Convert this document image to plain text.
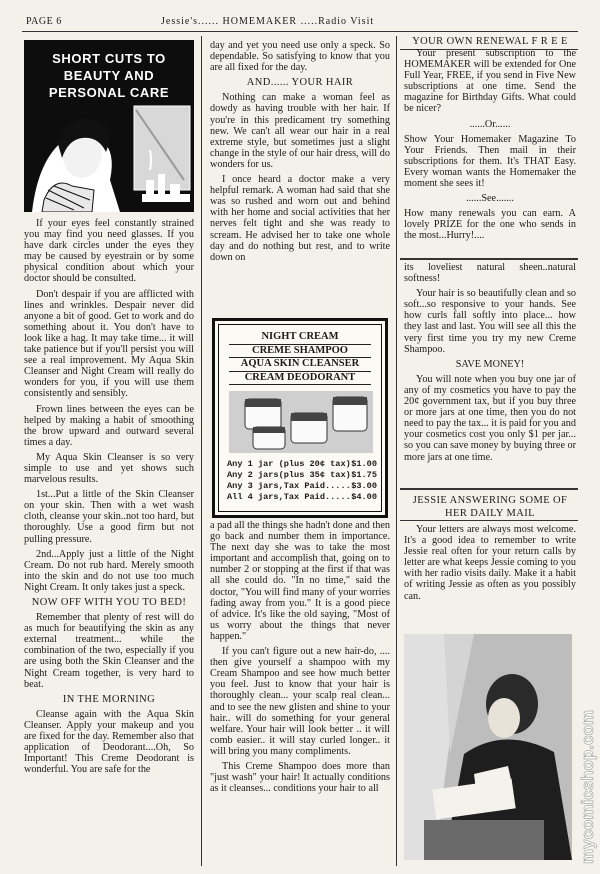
PAGE 6	Jessie's...... HOMEMAKER .....Radio Visit
SHORT CUTS TO
BEAUTY AND
PERSONAL CARE

If your eyes feel constantly strained you may find you need glasses. If you have dark circles under the eyes they may be caused by eyestrain or by some physical condition about which your doctor should be consulted.

Don't despair if you are afflicted with lines and wrinkles. Despair never did anyone a bit of good. Get to work and do something about it. You don't have to look like a hag. It may take time... it will take patience but if you'll persist you will see a real improvement. My Aqua Skin Cleanser and Night Cream will really do wonders for you, if you will use them consistently and sensibly.

Frown lines between the eyes can be helped by making a habit of smoothing the brow upward and outward several times a day.

My Aqua Skin Cleanser is so very simple to use and yet shows such marvelous results.

1st...Put a little of the Skin Cleanser on your skin. Then with a wet wash cloth, cleanse your skin..not too hard, but thoroughly. Use a good firm but not pulling pressure.

2nd...Apply just a little of the Night Cream. Do not rub hard. Merely smooth into the skin and do not use too much Night Cream. It only takes just a speck.

NOW OFF WITH YOU TO BED!

Remember that plenty of rest will do as much for beautifying the skin as any external treatment... while the combination of the two, especially if you are using both the Skin Cleanser and the Night Cream together, is very hard to beat.

IN THE MORNING

Cleanse again with the Aqua Skin Cleanser. Apply your makeup and you are fixed for the day. Remember also that application of Deodorant....Oh, So Important! This Creme Deodorant is wonderful. You are safe for the

day and yet you need use only a speck. So dependable. So satisfying to know that you are all fixed for the day.

AND...... YOUR HAIR

Nothing can make a woman feel as dowdy as having trouble with her hair. If you're in this predicament try something new. We can't all wear our hair in a real extreme style, but sometimes just a slight change in the style of our hair dress, will do wonders for us.

I once heard a doctor make a very helpful remark. A woman had said that she was so rushed and worn out and behind with her home and social activities that her nerves felt tight and she was ready to scream. He advised her to take one whole day and do nothing but rest, and to write down on

NIGHT CREAM
CREME SHAMPOO
AQUA SKIN CLEANSER
CREAM DEODORANT
Any 1 jar (plus 20¢ tax) $1.00
Any 2 jars(plus 35¢ tax) $1.75
Any 3 jars,Tax Paid......
$3.00
All 4 jars,Tax Paid......
$4.00

a pad all the things she hadn't done and then go back and number them in importance. The next day she was to take the most important and accomplish that, going on to number 2 or stopping at the first if that was all she could do. "In no time," said the doctor, "You will find many of your worries fading away from you." It is a good piece of advice. It's like the old saying, "Most of us worry about the things that never happen."

If you can't figure out a new hair-do, .... then give yourself a shampoo with my Cream Shampoo and see how much better you feel. Just to know that your hair is thoroughly clean... your scalp real clean... and to see the new glisten and shine to your hair.. will do something for your general welfare. Your hair will look better .. it will comb easier.. it will stay curled longer.. it will bring you many compliments.

This Creme Shampoo does more than "just wash" your hair! It actually conditions as it cleanses... conditions your hair to all

YOUR OWN RENEWAL F R E E

Your present subscription to the HOMEMAKER will be extended for One Full Year, FREE, if you send in Five New subscriptions at one time. Send the magazine for Birthday Gifts. What could be nicer?

......Or......

Show Your Homemaker Magazine To Your Friends. Then mail in their subscriptions for them. It's THAT Easy. Every woman wants the Homemaker the moment she sees it!

......See.......

How many renewals you can earn. A lovely PRIZE for the one who sends in the most...Hurry!....

its loveliest natural sheen..natural softness!

Your hair is so beautifully clean and so soft...so responsive to your hands. See how curls fall softly into place... how they last and last. You will see all this the very first time you try my new Creme Shampoo.

SAVE MONEY!

You will note when you buy one jar of any of my cosmetics you have to pay the 20¢ government tax, but if you buy three or more jars at one time, then you do not need to pay the tax... it is paid for you and your cosmetics cost you only $1 per jar... so you can save money by buying three or more jars at one time.

JESSIE ANSWERING SOME OF
HER DAILY MAIL

Your letters are always most welcome. It's a good idea to remember to write Jessie real often for your return calls by letter are what keeps Jessie coming to you with her radio visits daily. Make it a habit of writing Jessie as often as you possibly can.

mycomicshop.com
